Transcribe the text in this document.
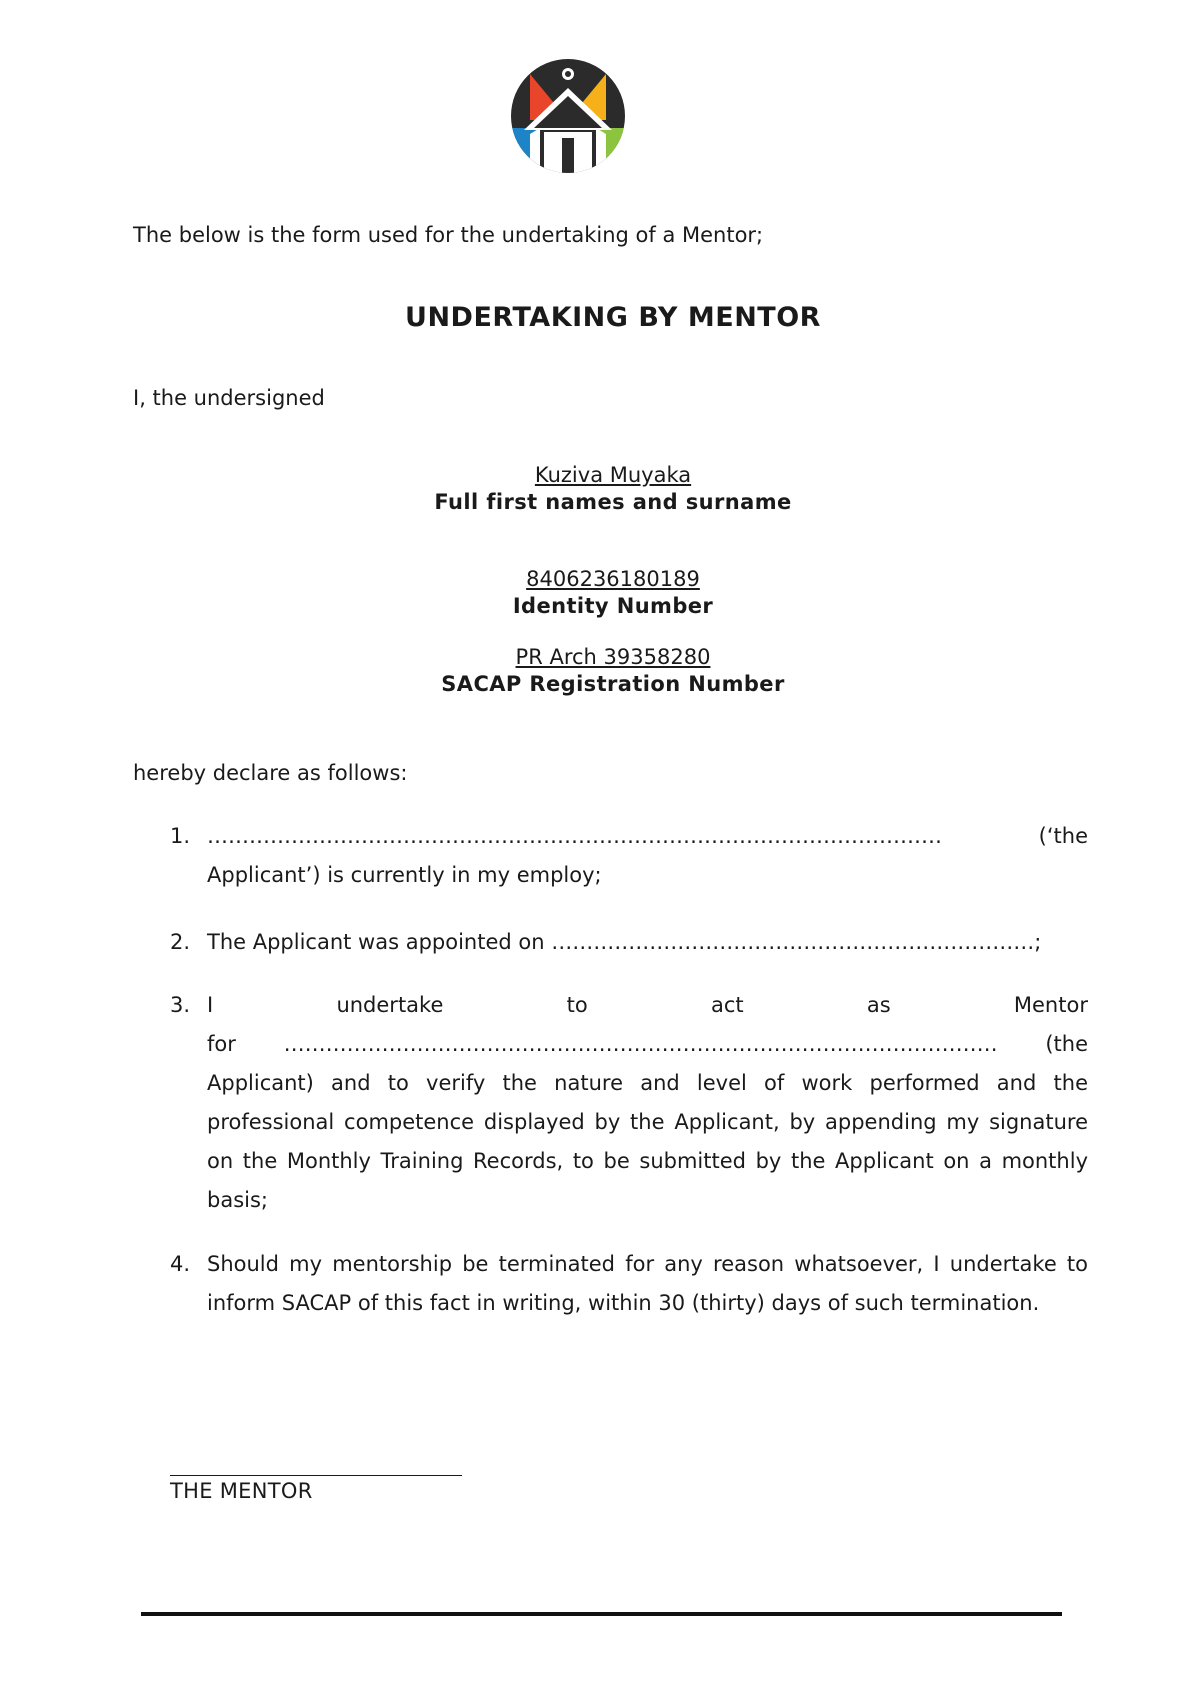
The below is the form used for the undertaking of a Mentor;
UNDERTAKING BY MENTOR
I, the undersigned
Kuziva Muyaka
Full first names and surname
8406236180189
Identity Number
PR Arch 39358280
SACAP Registration Number
hereby declare as follows:
1. ……………………………………………………………………………………………	(‘the
Applicant’) is currently in my employ;
2. The Applicant was appointed on ……………………………………………………………;
3. I	undertake	to	act	as	Mentor
for ………………………………………………………………………………………… (the
Applicant) and to verify the nature and level of work performed and the professional competence displayed by the Applicant, by appending my signature on the Monthly Training Records, to be submitted by the Applicant on a monthly basis;
4. Should my mentorship be terminated for any reason whatsoever, I undertake to inform SACAP of this fact in writing, within 30 (thirty) days of such termination.
THE MENTOR
